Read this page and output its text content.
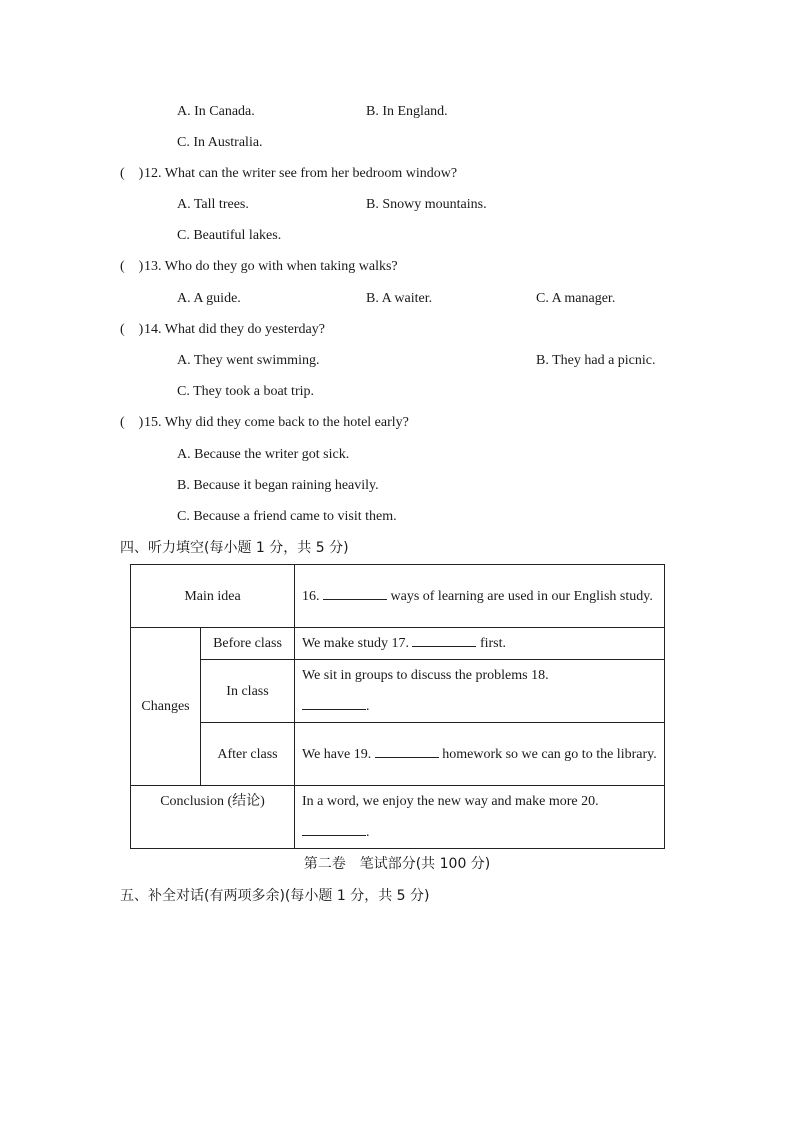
A. In Canada.	B. In England.
C. In Australia.
(　) 12. What can the writer see from her bedroom window?
A. Tall trees.	B. Snowy mountains.
C. Beautiful lakes.
(　) 13. Who do they go with when taking walks?
A. A guide.	B. A waiter.	C. A manager.
(　) 14. What did they do yesterday?
A. They went swimming.	B. They had a picnic.
C. They took a boat trip.
(　) 15. Why did they come back to the hotel early?
A. Because the writer got sick.
B. Because it began raining heavily.
C. Because a friend came to visit them.
四、听力填空(每小题 1 分，共 5 分)
Main idea		16. ways of learning are used in our English study.
Changes	Before class	We make study 17. first.
	In class	We sit in groups to discuss the problems 18.
.
	After class	We have 19. homework so we can go to the library.
Conclusion (结论)		In a word, we enjoy the new way and make more 20.
.
第二卷　笔试部分(共 100 分)
五、补全对话(有两项多余)(每小题 1 分，共 5 分)
